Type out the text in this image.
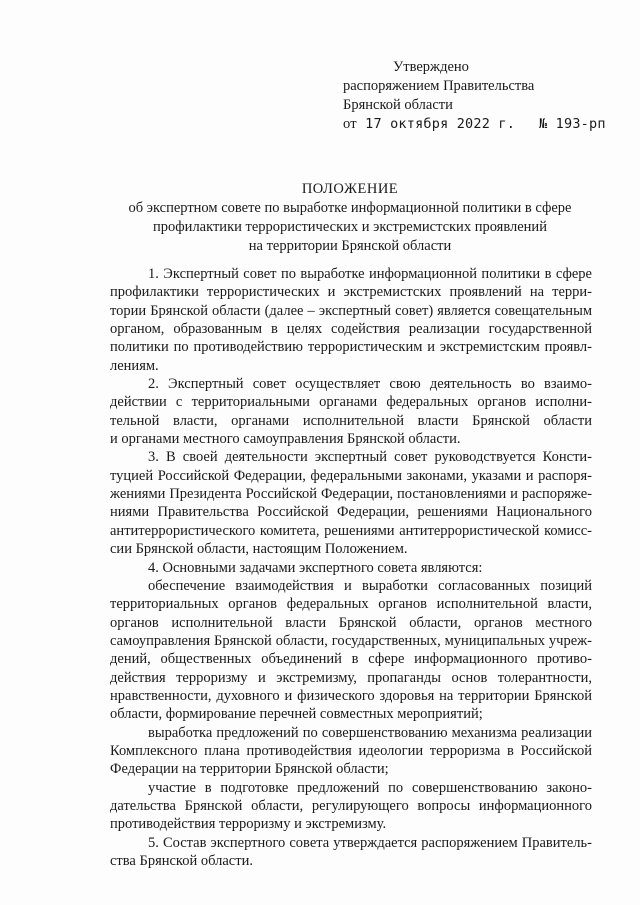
Утверждено
распоряжением Правительства
Брянской области
от 17 октября 2022 г. № 193-рп
ПОЛОЖЕНИЕ
об экспертном совете по выработке информационной политики в сфере
профилактики террористических и экстремистских проявлений
на территории Брянской области
1. Экспертный совет по выработке информационной политики в сфере
профилактики террористических и экстремистских проявлений на терри-
тории Брянской области (далее – экспертный совет) является совещательным
органом, образованным в целях содействия реализации государственной
политики по противодействию террористическим и экстремистским проявл-
лениям.
2. Экспертный совет осуществляет свою деятельность во взаимо-
действии с территориальными органами федеральных органов исполни-
тельной власти, органами исполнительной власти Брянской области
и органами местного самоуправления Брянской области.
3. В своей деятельности экспертный совет руководствуется Консти-
туцией Российской Федерации, федеральными законами, указами и распоря-
жениями Президента Российской Федерации, постановлениями и распоряже-
ниями Правительства Российской Федерации, решениями Национального
антитеррористического комитета, решениями антитеррористической комисс-
сии Брянской области, настоящим Положением.
4. Основными задачами экспертного совета являются:
обеспечение взаимодействия и выработки согласованных позиций
территориальных органов федеральных органов исполнительной власти,
органов исполнительной власти Брянской области, органов местного
самоуправления Брянской области, государственных, муниципальных учреж-
дений, общественных объединений в сфере информационного противо-
действия терроризму и экстремизму, пропаганды основ толерантности,
нравственности, духовного и физического здоровья на территории Брянской
области, формирование перечней совместных мероприятий;
выработка предложений по совершенствованию механизма реализации
Комплексного плана противодействия идеологии терроризма в Российской
Федерации на территории Брянской области;
участие в подготовке предложений по совершенствованию законо-
дательства Брянской области, регулирующего вопросы информационного
противодействия терроризму и экстремизму.
5. Состав экспертного совета утверждается распоряжением Правитель-
ства Брянской области.
